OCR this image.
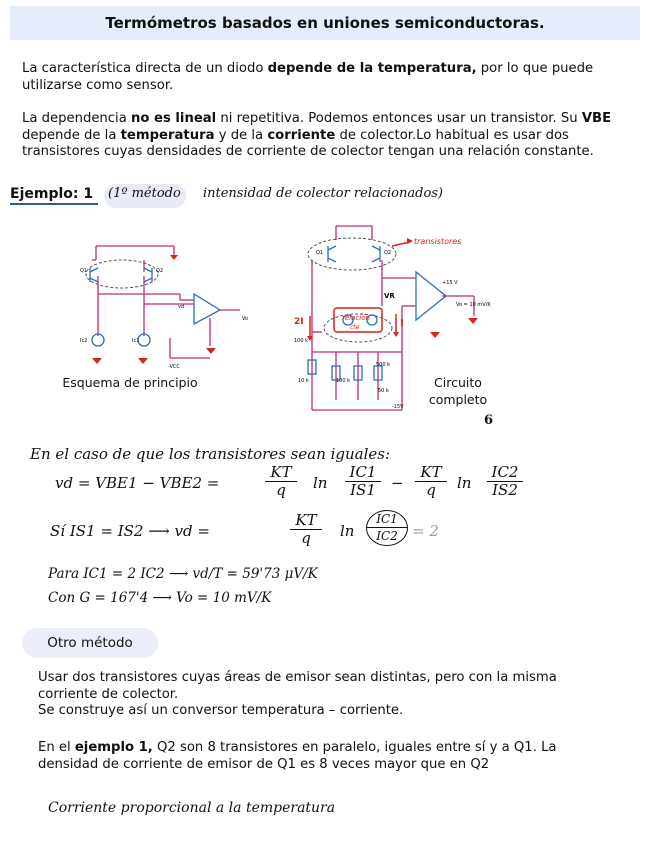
Termómetros basados en uniones semiconductoras.

La característica directa de un diodo depende de la temperatura, por lo que puede utilizarse como sensor.

La dependencia no es lineal ni repetitiva. Podemos entonces usar un transistor. Su VBE depende de la temperatura y de la corriente de colector.Lo habitual es usar dos transistores cuyas densidades de corriente de colector tengan una relación constante.

Ejemplo: 1 (1º método intensidad de colector relacionados)
Q1	Q2
vd
Ic2	Ic1
Vo
-VCC
Esquema de principio
transistores
relación
cte
2I	I
VR
Q1	Q2
+15 V
Vo = 10 mV/K
100 k
10 k	100 k
500 k
50 k
-15V
Circuito
completo
6
En el caso de que los transistores sean iguales:
vd = VBE1 − VBE2 =
KT
q	ln
IC1
IS1	−
KT
q	ln
IC2
IS2
Sí IS1 = IS2 ⟶ vd =
KT
q	ln
IC1
IC2 = 2
Para IC1 = 2 IC2 ⟶ vd/T = 59'73 μV/K
Con G = 167'4 ⟶ Vo = 10 mV/K
Otro método

Usar dos transistores cuyas áreas de emisor sean distintas, pero con la misma corriente de colector.
Se construye así un conversor temperatura – corriente.

En el ejemplo 1, Q2 son 8 transistores en paralelo, iguales entre sí y a Q1. La densidad de corriente de emisor de Q1 es 8 veces mayor que en Q2

Corriente proporcional a la temperatura
